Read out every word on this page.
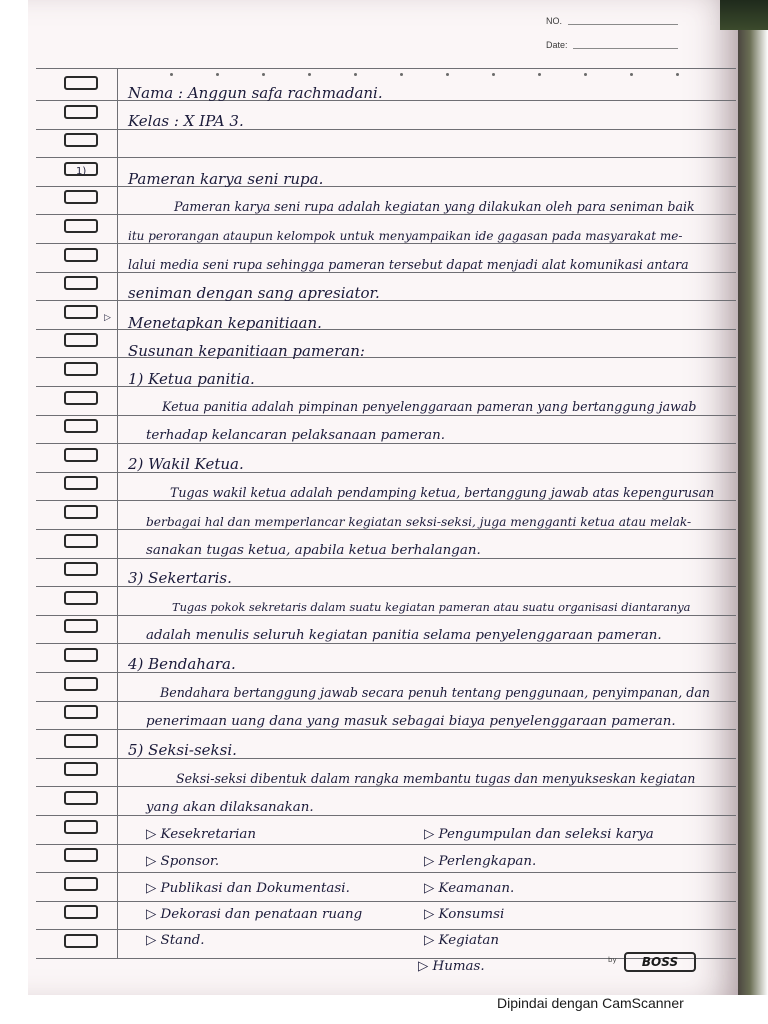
NO.
Date:
1)
▷
Nama : Anggun safa rachmadani.
Kelas : X IPA 3.
Pameran karya seni rupa.
Pameran karya seni rupa adalah kegiatan yang dilakukan oleh para seniman baik
itu perorangan ataupun kelompok untuk menyampaikan ide gagasan pada masyarakat me-
lalui media seni rupa sehingga pameran tersebut dapat menjadi alat komunikasi antara
seniman dengan sang apresiator.
Menetapkan kepanitiaan.
Susunan kepanitiaan pameran:
1) Ketua panitia.
Ketua panitia adalah pimpinan penyelenggaraan pameran yang bertanggung jawab
terhadap kelancaran pelaksanaan pameran.
2) Wakil Ketua.
Tugas wakil ketua adalah pendamping ketua, bertanggung jawab atas kepengurusan
berbagai hal dan memperlancar kegiatan seksi-seksi, juga mengganti ketua atau melak-
sanakan tugas ketua, apabila ketua berhalangan.
3) Sekertaris.
Tugas pokok sekretaris dalam suatu kegiatan pameran atau suatu organisasi diantaranya
adalah menulis seluruh kegiatan panitia selama penyelenggaraan pameran.
4) Bendahara.
Bendahara bertanggung jawab secara penuh tentang penggunaan, penyimpanan, dan
penerimaan uang dana yang masuk sebagai biaya penyelenggaraan pameran.
5) Seksi-seksi.
Seksi-seksi dibentuk dalam rangka membantu tugas dan menyukseskan kegiatan
yang akan dilaksanakan.
▷ Kesekretarian
▷ Sponsor.
▷ Publikasi dan Dokumentasi.
▷ Dekorasi dan penataan ruang
▷ Stand.
▷ Pengumpulan dan seleksi karya
▷ Perlengkapan.
▷ Keamanan.
▷ Konsumsi
▷ Kegiatan
▷ Humas.	by	BOSS
Dipindai dengan CamScanner
